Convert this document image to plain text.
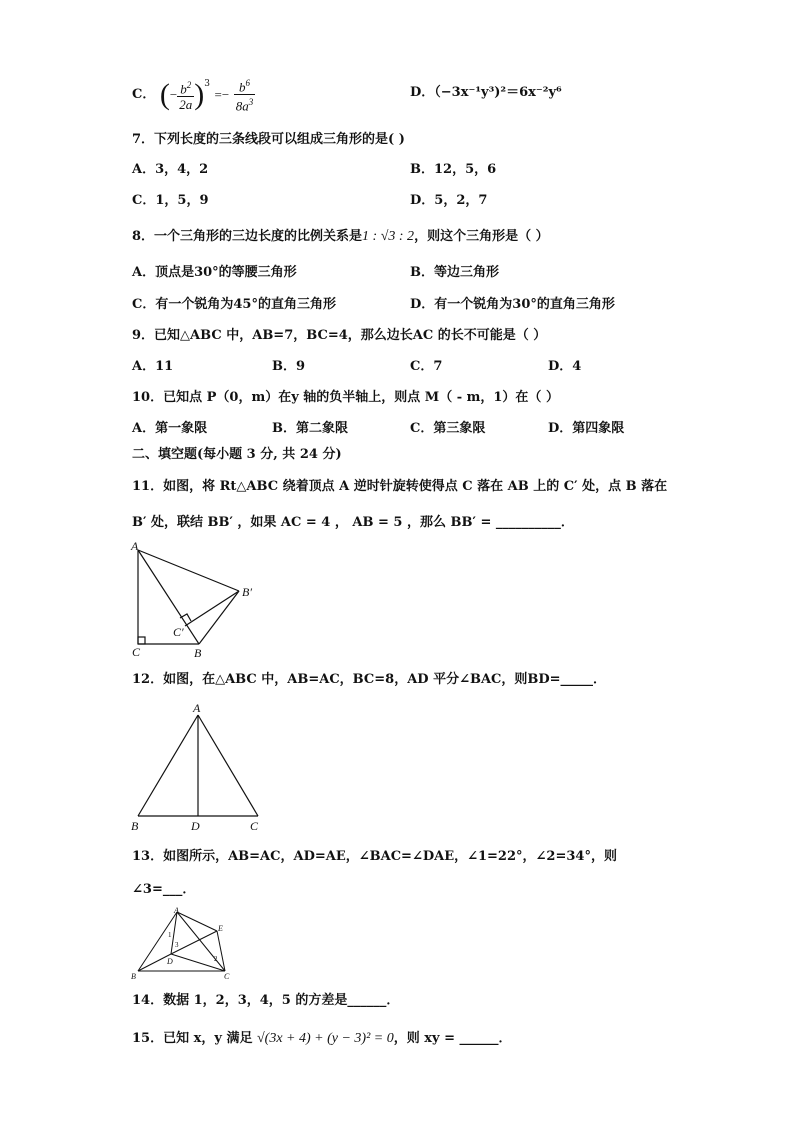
C． (− $\frac{b^2}{2a} )^3 =- \frac{b^6}{8a^3}$	D．（−3x⁻¹y³)²＝6x⁻²y⁶
7．下列长度的三条线段可以组成三角形的是( )
A．3，4，2	B．12，5，6
C．1，5，9	D．5，2，7
8．一个三角形的三边长度的比例关系是1 : √3 : 2，则这个三角形是（ ）
A．顶点是30°的等腰三角形	B．等边三角形
C．有一个锐角为45°的直角三角形	D．有一个锐角为30°的直角三角形
9．已知△ABC 中，AB=7，BC=4，那么边长AC 的长不可能是（ ）
A．11	B．9	C．7	D．4
10．已知点 P（0，m）在y 轴的负半轴上，则点 M（ - m，1）在（ ）
A．第一象限	B．第二象限	C．第三象限	D．第四象限
二、填空题(每小题 3 分, 共 24 分)
11．如图，将 Rt△ABC 绕着顶点 A 逆时针旋转使得点 C 落在 AB 上的 C′ 处，点 B 落在
B′ 处，联结 BB′ ，如果 AC = 4 ， AB = 5 ，那么 BB′ = __________．
A
C	B
B′
C′
12．如图，在△ABC 中，AB=AC，BC=8，AD 平分∠BAC，则BD=_____．
A
B	D	C
13．如图所示，AB=AC，AD=AE，∠BAC=∠DAE，∠1=22°，∠2=34°，则
∠3=___．
A
B	C
D
E
1
3
2
14．数据 1，2，3，4，5 的方差是______．
15．已知 x，y 满足 √(3x + 4) + (y − 3)² = 0，则 xy = ______．
